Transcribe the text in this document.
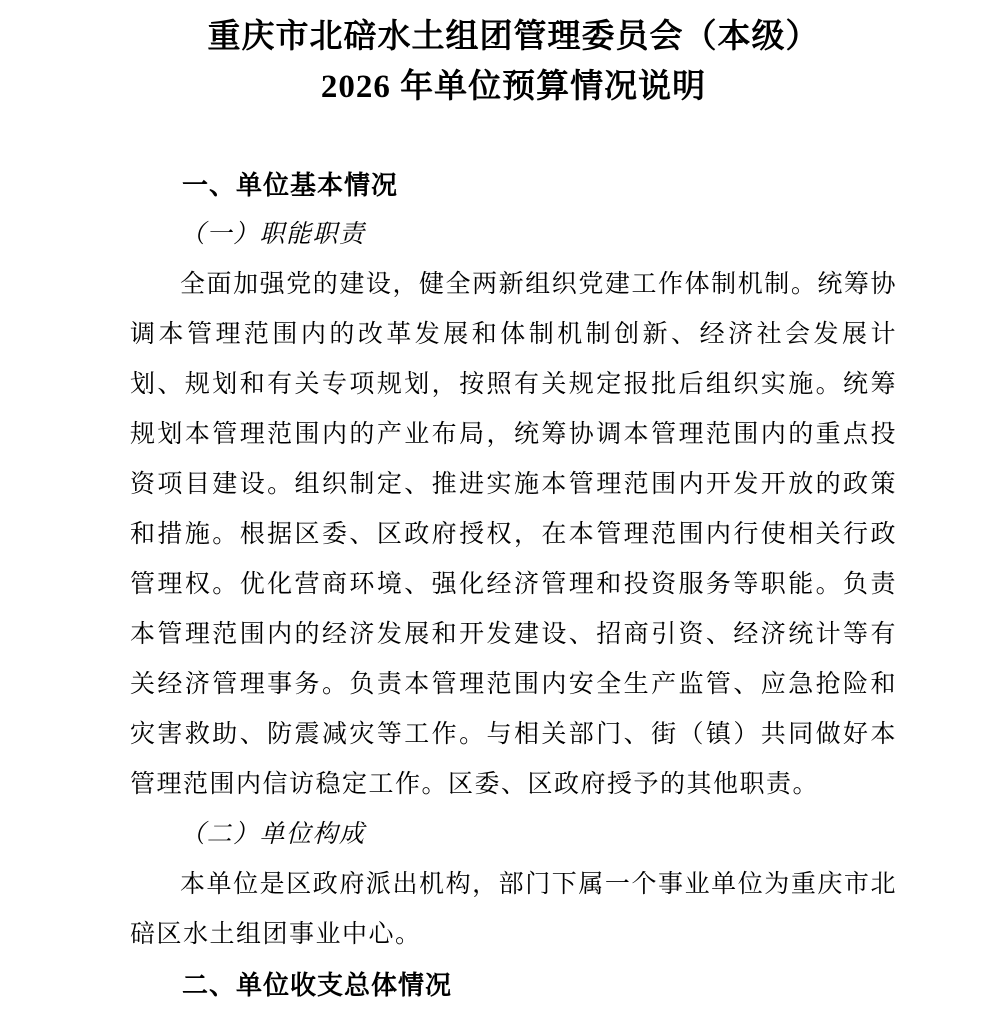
重庆市北碚水土组团管理委员会（本级）
2026 年单位预算情况说明
一、单位基本情况
（一）职能职责

全面加强党的建设，健全两新组织党建工作体制机制。统筹协调本管理范围内的改革发展和体制机制创新、经济社会发展计划、规划和有关专项规划，按照有关规定报批后组织实施。统筹规划本管理范围内的产业布局，统筹协调本管理范围内的重点投资项目建设。组织制定、推进实施本管理范围内开发开放的政策和措施。根据区委、区政府授权，在本管理范围内行使相关行政管理权。优化营商环境、强化经济管理和投资服务等职能。负责本管理范围内的经济发展和开发建设、招商引资、经济统计等有关经济管理事务。负责本管理范围内安全生产监管、应急抢险和灾害救助、防震减灾等工作。与相关部门、街（镇）共同做好本管理范围内信访稳定工作。区委、区政府授予的其他职责。

（二）单位构成

本单位是区政府派出机构，部门下属一个事业单位为重庆市北碚区水土组团事业中心。

二、单位收支总体情况
